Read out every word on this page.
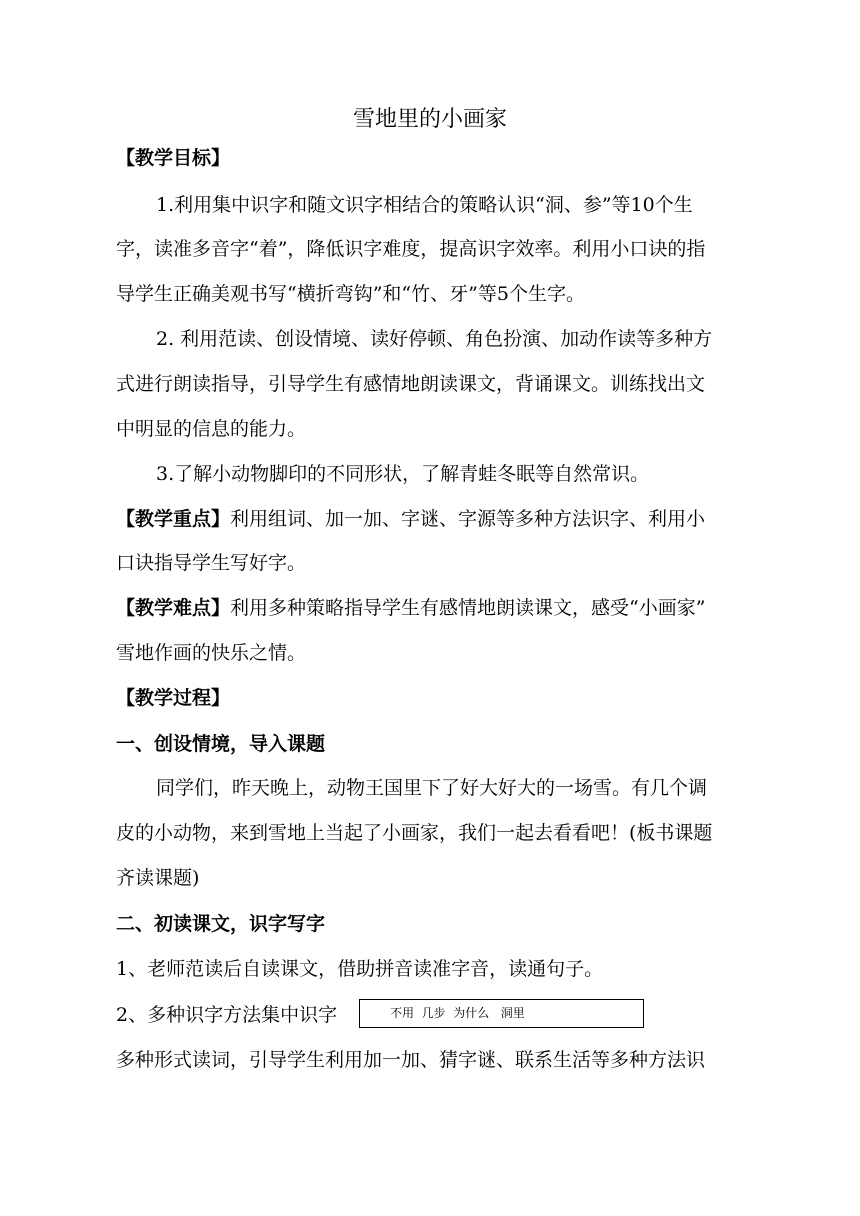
雪地里的小画家
【教学目标】
1.利用集中识字和随文识字相结合的策略认识“洞、参”等10个生
字，读准多音字“着”，降低识字难度，提高识字效率。利用小口诀的指
导学生正确美观书写“横折弯钩”和“竹、牙”等5个生字。
2. 利用范读、创设情境、读好停顿、角色扮演、加动作读等多种方
式进行朗读指导，引导学生有感情地朗读课文，背诵课文。训练找出文
中明显的信息的能力。
3.了解小动物脚印的不同形状，了解青蛙冬眠等自然常识。
【教学重点】利用组词、加一加、字谜、字源等多种方法识字、利用小
口诀指导学生写好字。
【教学难点】利用多种策略指导学生有感情地朗读课文，感受“小画家”
雪地作画的快乐之情。
【教学过程】
一、创设情境，导入课题
同学们，昨天晚上，动物王国里下了好大好大的一场雪。有几个调
皮的小动物，来到雪地上当起了小画家，我们一起去看看吧！(板书课题
齐读课题)
二、初读课文，识字写字
1、老师范读后自读课文，借助拼音读准字音，读通句子。
2、多种识字方法集中识字	不用  几步  为什么   洞里
多种形式读词，引导学生利用加一加、猜字谜、联系生活等多种方法识
